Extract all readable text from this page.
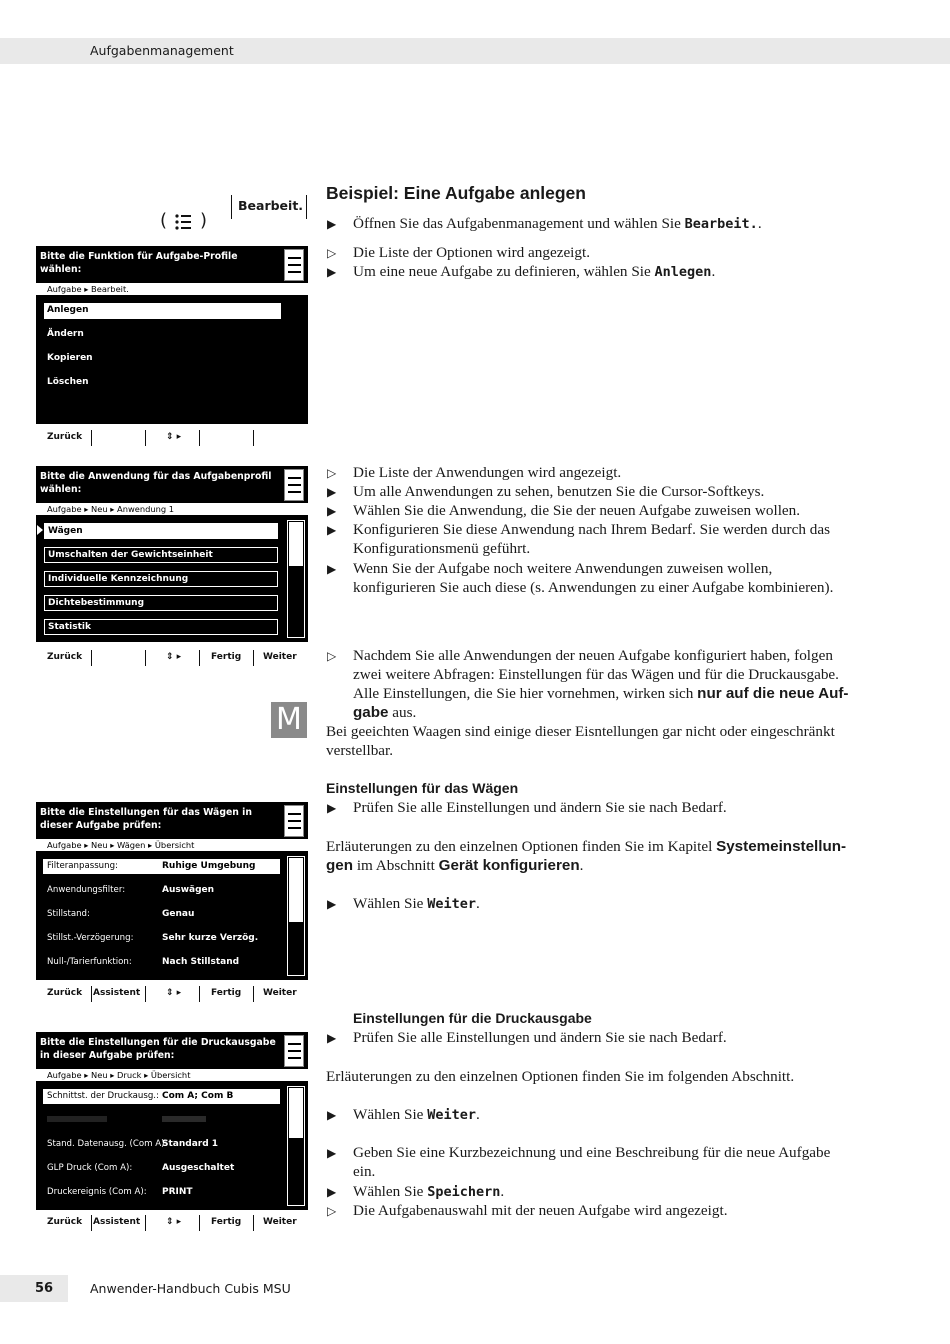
Aufgabenmanagement
( )
Bearbeit.
Bitte die Funktion für Aufgabe-Profile wählen:
Aufgabe ▸ Bearbeit.
Anlegen
Ändern
Kopieren
Löschen
Zurück	⇕ ▸
Bitte die Anwendung für das Aufgabenprofil wählen:
Aufgabe ▸ Neu ▸ Anwendung 1
Wägen
Umschalten der Gewichtseinheit
Individuelle Kennzeichnung
Dichtebestimmung
Statistik
Zurück	⇕ ▸	Fertig Weiter
M
Bitte die Einstellungen für das Wägen in dieser Aufgabe prüfen:
Aufgabe ▸ Neu ▸ Wägen ▸ Übersicht
Filteranpassung:	Ruhige Umgebung
Anwendungsfilter:	Auswägen
Stillstand:	Genau
Stillst.-Verzögerung:	Sehr kurze Verzög.
Null-/Tarierfunktion:	Nach Stillstand
Zurück Assistent	⇕ ▸	Fertig Weiter
Bitte die Einstellungen für die Druckausgabe in dieser Aufgabe prüfen:
Aufgabe ▸ Neu ▸ Druck ▸ Übersicht
Schnittst. der Druckausg.: Com A; Com B
Stand. Datenausg. (Com A):
Standard 1
GLP Druck (Com A):	Ausgeschaltet
Druckereignis (Com A): PRINT
Zurück Assistent	⇕ ▸	Fertig Weiter
Beispiel: Eine Aufgabe anlegen
▶ Öffnen Sie das Aufgabenmanagement und wählen Sie Bearbeit..
▷ Die Liste der Optionen wird angezeigt.
▶ Um eine neue Aufgabe zu definieren, wählen Sie Anlegen.
▷ Die Liste der Anwendungen wird angezeigt.
▶ Um alle Anwendungen zu sehen, benutzen Sie die Cursor-Softkeys.
▶ Wählen Sie die Anwendung, die Sie der neuen Aufgabe zuweisen wollen.
▶ Konfigurieren Sie diese Anwendung nach Ihrem Bedarf. Sie werden durch das
Konfigurationsmenü geführt.
▶ Wenn Sie der Aufgabe noch weitere Anwendungen zuweisen wollen,
konfigurieren Sie auch diese (s. Anwendungen zu einer Aufgabe kombinieren).
▷ Nachdem Sie alle Anwendungen der neuen Aufgabe konfiguriert haben, folgen
zwei weitere Abfragen: Einstellungen für das Wägen und für die Druckausgabe.
Alle Einstellungen, die Sie hier vornehmen, wirken sich nur auf die neue Auf-
gabe aus.
Bei geeichten Waagen sind einige dieser Eisntellungen gar nicht oder eingeschränkt
verstellbar.
Einstellungen für das Wägen
▶ Prüfen Sie alle Einstellungen und ändern Sie sie nach Bedarf.
Erläuterungen zu den einzelnen Optionen finden Sie im Kapitel Systemeinstellun-
gen im Abschnitt Gerät konfigurieren.
▶ Wählen Sie Weiter.
Einstellungen für die Druckausgabe
▶ Prüfen Sie alle Einstellungen und ändern Sie sie nach Bedarf.
Erläuterungen zu den einzelnen Optionen finden Sie im folgenden Abschnitt.
▶ Wählen Sie Weiter.
▶ Geben Sie eine Kurzbezeichnung und eine Beschreibung für die neue Aufgabe
ein.
▶ Wählen Sie Speichern.
▷ Die Aufgabenauswahl mit der neuen Aufgabe wird angezeigt.
56	Anwender-Handbuch Cubis MSU
